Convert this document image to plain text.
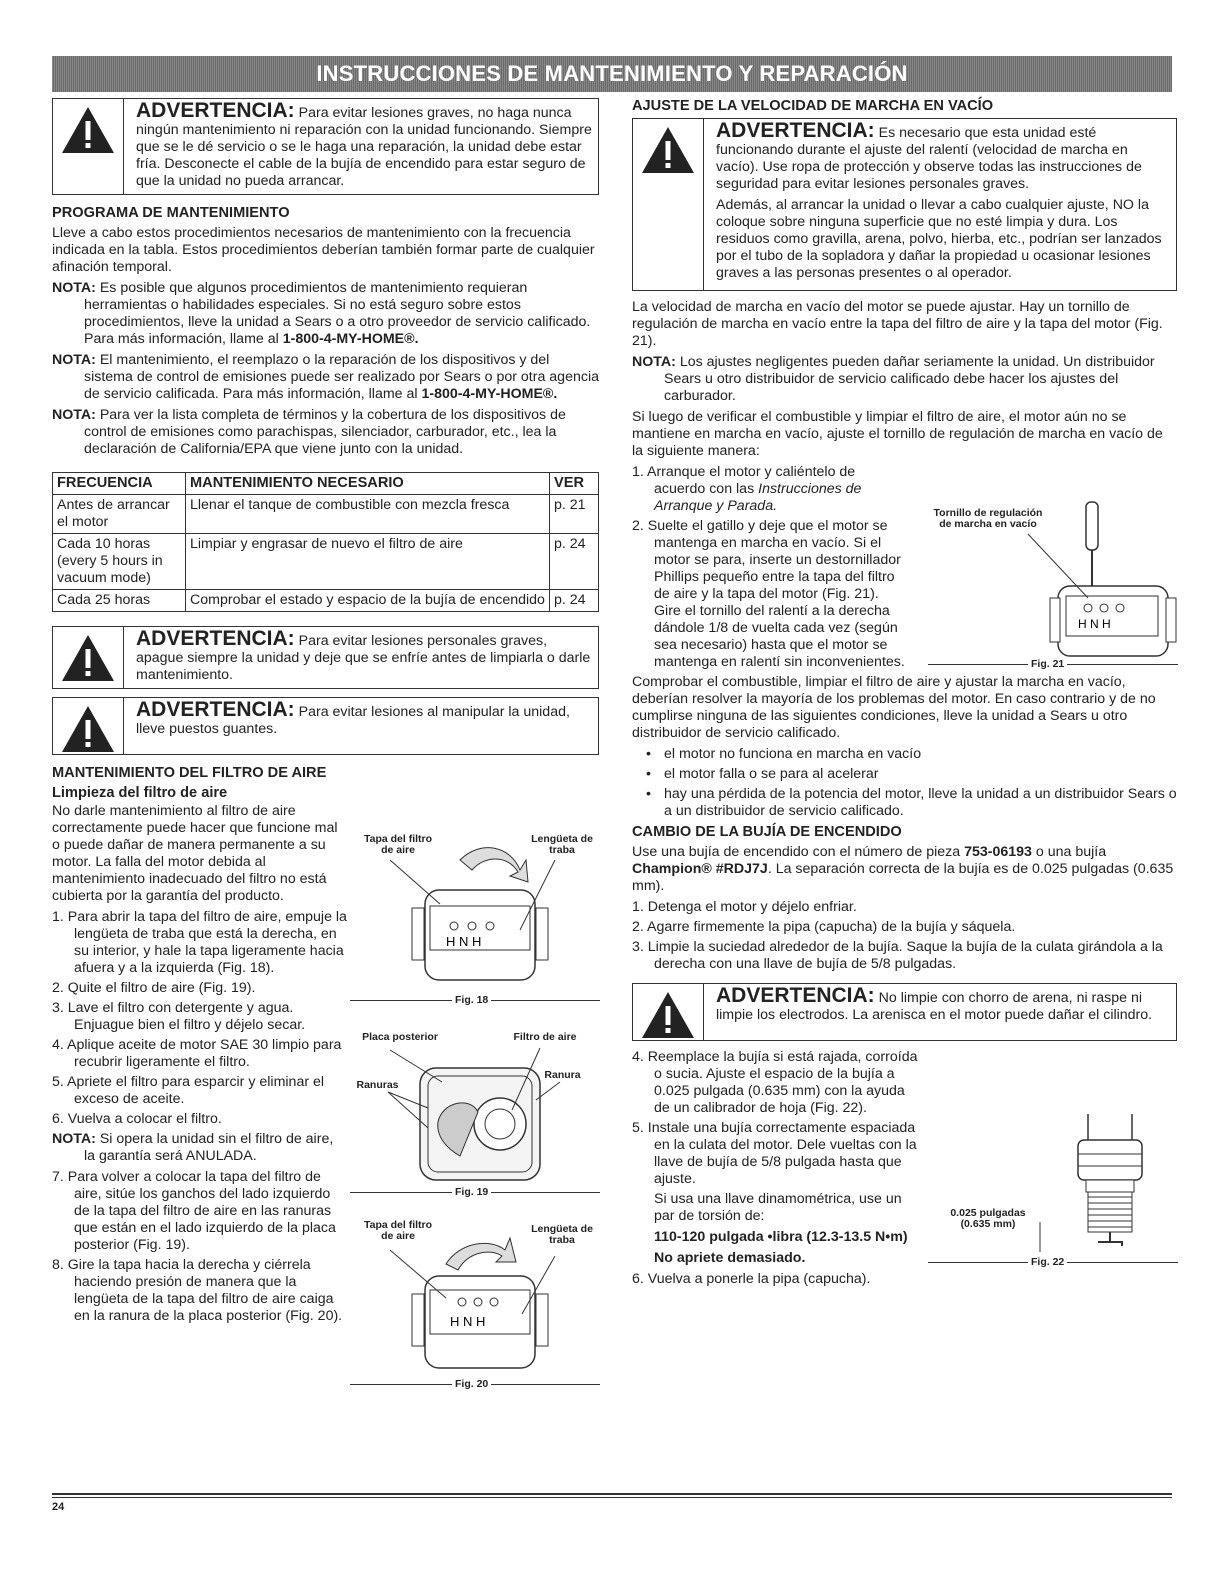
INSTRUCCIONES DE MANTENIMIENTO Y REPARACIÓN
ADVERTENCIA: Para evitar lesiones graves, no haga nunca ningún mantenimiento ni reparación con la unidad funcionando. Siempre que se le dé servicio o se le haga una reparación, la unidad debe estar fría. Desconecte el cable de la bujía de encendido para estar seguro de que la unidad no pueda arrancar.
PROGRAMA DE MANTENIMIENTO

Lleve a cabo estos procedimientos necesarios de mantenimiento con la frecuencia indicada en la tabla. Estos procedimientos deberían también formar parte de cualquier afinación temporal.

NOTA: Es posible que algunos procedimientos de mantenimiento requieran herramientas o habilidades especiales. Si no está seguro sobre estos procedimientos, lleve la unidad a Sears o a otro proveedor de servicio calificado. Para más información, llame al 1-800-4-MY-HOME®.

NOTA: El mantenimiento, el reemplazo o la reparación de los dispositivos y del sistema de control de emisiones puede ser realizado por Sears o por otra agencia de servicio calificada. Para más información, llame al 1-800-4-MY-HOME®.

NOTA: Para ver la lista completa de términos y la cobertura de los dispositivos de control de emisiones como parachispas, silenciador, carburador, etc., lea la declaración de California/EPA que viene junto con la unidad.

FRECUENCIA	MANTENIMIENTO NECESARIO	VER
Antes de arrancar el motor	Llenar el tanque de combustible con mezcla fresca	p. 21
Cada 10 horas (every 5 hours in vacuum mode)	Limpiar y engrasar de nuevo el filtro de aire	p. 24
Cada 25 horas	Comprobar el estado y espacio de la bujía de encendido	p. 24
ADVERTENCIA: Para evitar lesiones personales graves, apague siempre la unidad y deje que se enfríe antes de limpiarla o darle mantenimiento.
ADVERTENCIA: Para evitar lesiones al manipular la unidad, lleve puestos guantes.
MANTENIMIENTO DEL FILTRO DE AIRE
Limpieza del filtro de aire

No darle mantenimiento al filtro de aire correctamente puede hacer que funcione mal o puede dañar de manera permanente a su motor. La falla del motor debida al mantenimiento inadecuado del filtro no está cubierta por la garantía del producto.

1. Para abrir la tapa del filtro de aire, empuje la lengüeta de traba que está la derecha, en su interior, y hale la tapa ligeramente hacia afuera y a la izquierda (Fig. 18).
2. Quite el filtro de aire (Fig. 19).
3. Lave el filtro con detergente y agua. Enjuague bien el filtro y déjelo secar.
4. Aplique aceite de motor SAE 30 limpio para recubrir ligeramente el filtro.
5. Apriete el filtro para esparcir y eliminar el exceso de aceite.
6. Vuelva a colocar el filtro.

NOTA: Si opera la unidad sin el filtro de aire, la garantía será ANULADA.

7. Para volver a colocar la tapa del filtro de aire, sitúe los ganchos del lado izquierdo de la tapa del filtro de aire en las ranuras que están en el lado izquierdo de la placa posterior (Fig. 19).
8. Gire la tapa hacia la derecha y ciérrela haciendo presión de manera que la lengüeta de la tapa del filtro de aire caiga en la ranura de la placa posterior (Fig. 20).
Tapa del filtro de aire
Lengüeta de traba
H N H
Fig. 18
Placa posterior	Filtro de aire
Ranura
Ranuras
Fig. 19
Tapa del filtro de aire
Lengüeta de traba
H N H
Fig. 20
AJUSTE DE LA VELOCIDAD DE MARCHA EN VACÍO

ADVERTENCIA: Es necesario que esta unidad esté funcionando durante el ajuste del ralentí (velocidad de marcha en vacío). Use ropa de protección y observe todas las instrucciones de seguridad para evitar lesiones personales graves.

Además, al arrancar la unidad o llevar a cabo cualquier ajuste, NO la coloque sobre ninguna superficie que no esté limpia y dura. Los residuos como gravilla, arena, polvo, hierba, etc., podrían ser lanzados por el tubo de la sopladora y dañar la propiedad u ocasionar lesiones graves a las personas presentes o al operador.

La velocidad de marcha en vacío del motor se puede ajustar. Hay un tornillo de regulación de marcha en vacío entre la tapa del filtro de aire y la tapa del motor (Fig. 21).

NOTA: Los ajustes negligentes pueden dañar seriamente la unidad. Un distribuidor Sears u otro distribuidor de servicio calificado debe hacer los ajustes del carburador.

Si luego de verificar el combustible y limpiar el filtro de aire, el motor aún no se mantiene en marcha en vacío, ajuste el tornillo de regulación de marcha en vacío de la siguiente manera:

1. Arranque el motor y caliéntelo de acuerdo con las Instrucciones de Arranque y Parada.
2. Suelte el gatillo y deje que el motor se mantenga en marcha en vacío. Si el motor se para, inserte un destornillador Phillips pequeño entre la tapa del filtro de aire y la tapa del motor (Fig. 21). Gire el tornillo del ralentí a la derecha dándole 1/8 de vuelta cada vez (según sea necesario) hasta que el motor se mantenga en ralentí sin inconvenientes.

Comprobar el combustible, limpiar el filtro de aire y ajustar la marcha en vacío, deberían resolver la mayoría de los problemas del motor. En caso contrario y de no cumplirse ninguna de las siguientes condiciones, lleve la unidad a Sears u otro distribuidor de servicio calificado.

• el motor no funciona en marcha en vacío
• el motor falla o se para al acelerar
• hay una pérdida de la potencia del motor, lleve la unidad a un distribuidor Sears o a un distribuidor de servicio calificado.
CAMBIO DE LA BUJÍA DE ENCENDIDO

Use una bujía de encendido con el número de pieza 753-06193 o una bujía Champion® #RDJ7J. La separación correcta de la bujía es de 0.025 pulgadas (0.635 mm).

1. Detenga el motor y déjelo enfriar.
2. Agarre firmemente la pipa (capucha) de la bujía y sáquela.
3. Limpie la suciedad alrededor de la bujía. Saque la bujía de la culata girándola a la derecha con una llave de bujía de 5/8 pulgadas.
ADVERTENCIA: No limpie con chorro de arena, ni raspe ni limpie los electrodos. La arenisca en el motor puede dañar el cilindro.
4. Reemplace la bujía si está rajada, corroída o sucia. Ajuste el espacio de la bujía a 0.025 pulgada (0.635 mm) con la ayuda de un calibrador de hoja (Fig. 22).
5. Instale una bujía correctamente espaciada en la culata del motor. Dele vueltas con la llave de bujía de 5/8 pulgada hasta que ajuste.

Si usa una llave dinamométrica, use un par de torsión de:

110-120 pulgada •libra (12.3-13.5 N•m)

No apriete demasiado.

6. Vuelva a ponerle la pipa (capucha).
Tornillo de regulación de marcha en vacío
H N H
Fig. 21
0.025 pulgadas (0.635 mm)
Fig. 22
24
